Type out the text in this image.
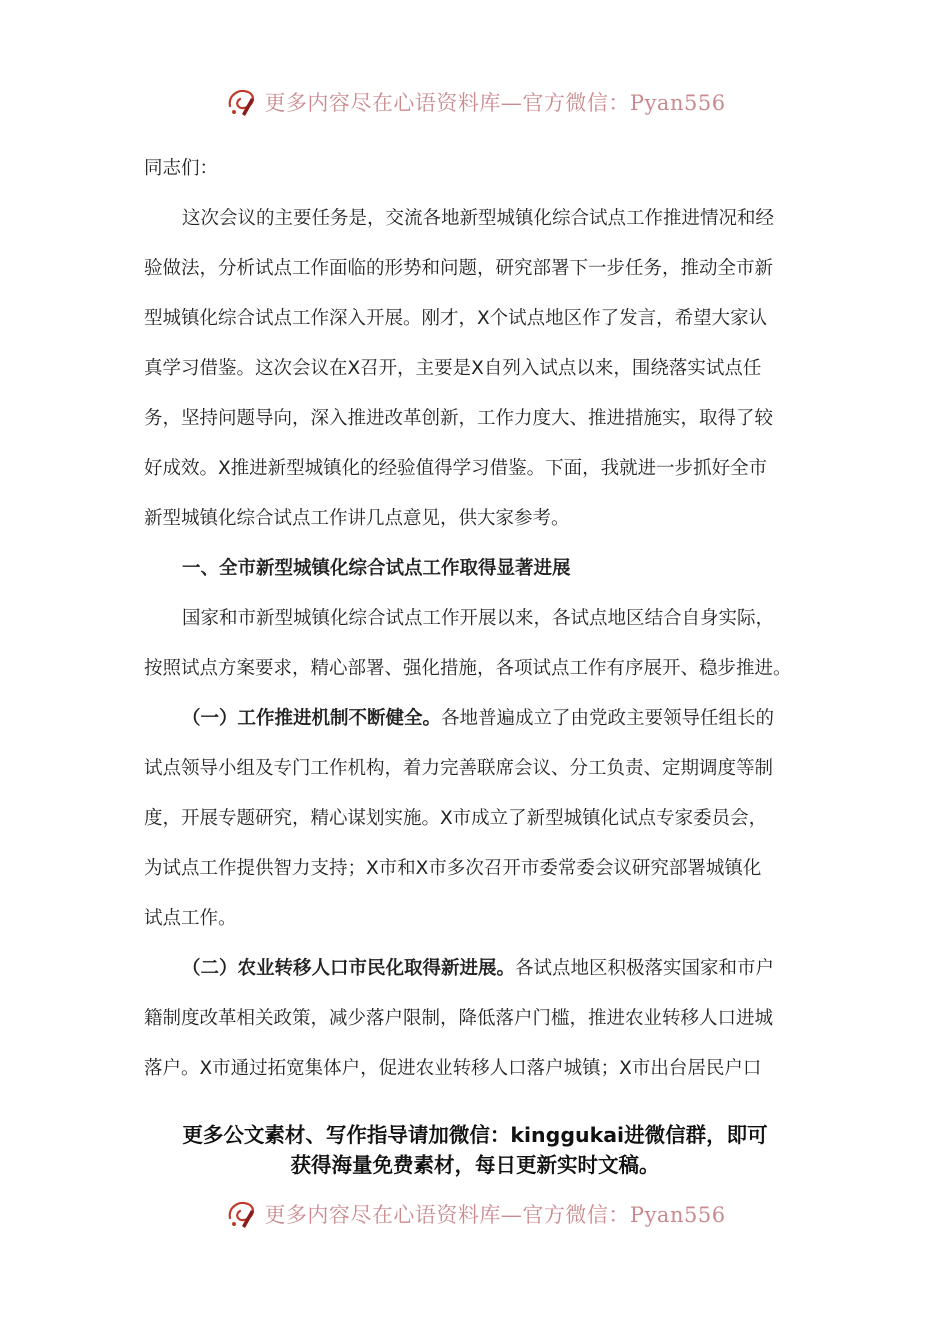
更多内容尽在心语资料库—官方微信：Pyan556
同志们：
这次会议的主要任务是，交流各地新型城镇化综合试点工作推进情况和经
验做法，分析试点工作面临的形势和问题，研究部署下一步任务，推动全市新
型城镇化综合试点工作深入开展。刚才，X个试点地区作了发言，希望大家认
真学习借鉴。这次会议在X召开，主要是X自列入试点以来，围绕落实试点任
务，坚持问题导向，深入推进改革创新，工作力度大、推进措施实，取得了较
好成效。X推进新型城镇化的经验值得学习借鉴。下面，我就进一步抓好全市
新型城镇化综合试点工作讲几点意见，供大家参考。
一、全市新型城镇化综合试点工作取得显著进展
国家和市新型城镇化综合试点工作开展以来，各试点地区结合自身实际，
按照试点方案要求，精心部署、强化措施，各项试点工作有序展开、稳步推进。
（一）工作推进机制不断健全。各地普遍成立了由党政主要领导任组长的
试点领导小组及专门工作机构，着力完善联席会议、分工负责、定期调度等制
度，开展专题研究，精心谋划实施。X市成立了新型城镇化试点专家委员会，
为试点工作提供智力支持；X市和X市多次召开市委常委会议研究部署城镇化
试点工作。
（二）农业转移人口市民化取得新进展。各试点地区积极落实国家和市户
籍制度改革相关政策，减少落户限制，降低落户门槛，推进农业转移人口进城
落户。X市通过拓宽集体户，促进农业转移人口落户城镇；X市出台居民户口
更多公文素材、写作指导请加微信：kinggukai进微信群，即可
获得海量免费素材，每日更新实时文稿。
更多内容尽在心语资料库—官方微信：Pyan556
